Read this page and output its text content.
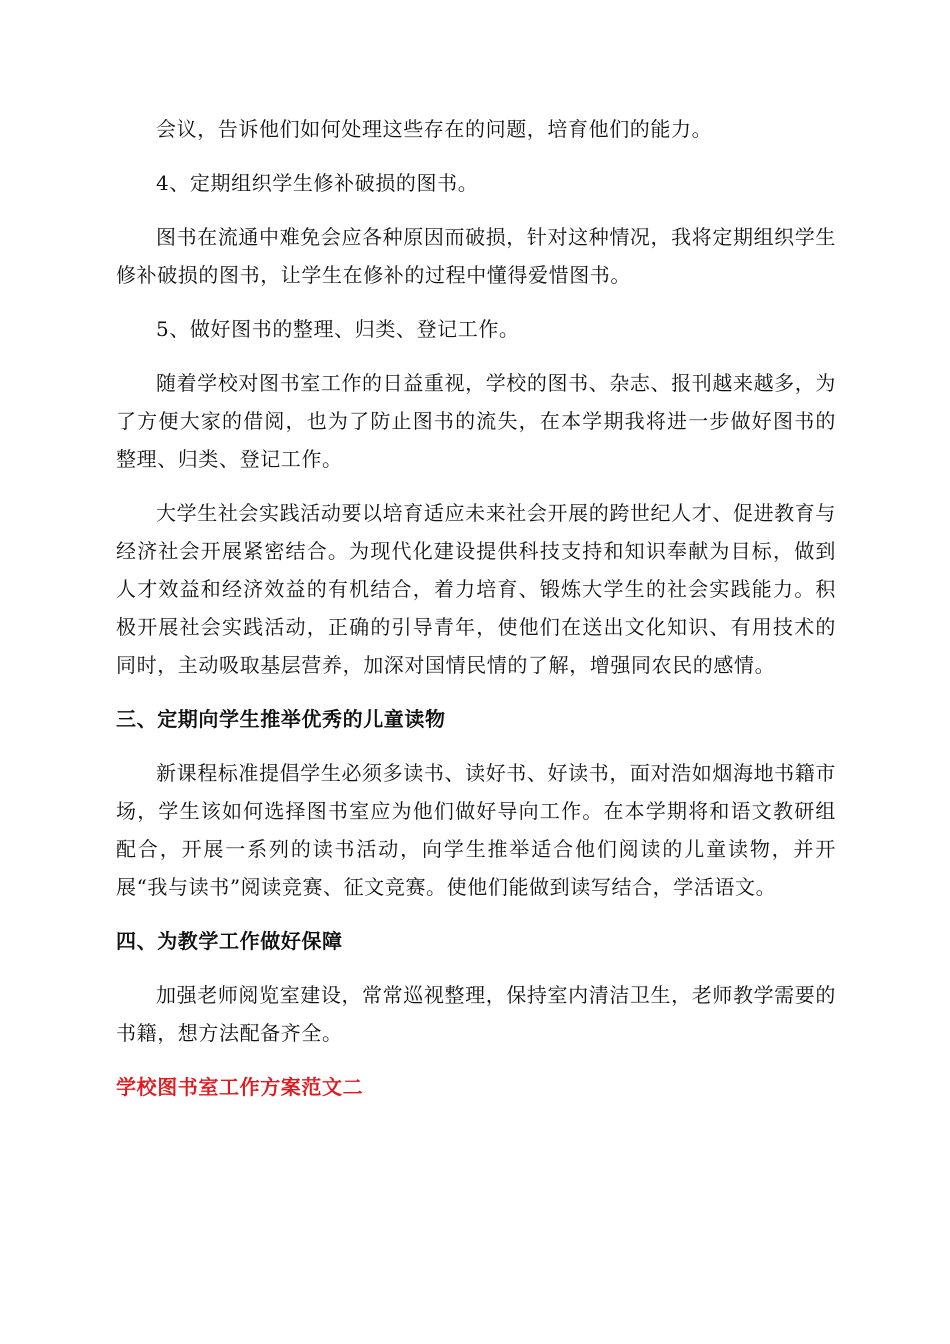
会议，告诉他们如何处理这些存在的问题，培育他们的能力。

4、定期组织学生修补破损的图书。

图书在流通中难免会应各种原因而破损，针对这种情况，我将定期组织学生修补破损的图书，让学生在修补的过程中懂得爱惜图书。

5、做好图书的整理、归类、登记工作。

随着学校对图书室工作的日益重视，学校的图书、杂志、报刊越来越多，为了方便大家的借阅，也为了防止图书的流失，在本学期我将进一步做好图书的整理、归类、登记工作。

大学生社会实践活动要以培育适应未来社会开展的跨世纪人才、促进教育与经济社会开展紧密结合。为现代化建设提供科技支持和知识奉献为目标，做到人才效益和经济效益的有机结合，着力培育、锻炼大学生的社会实践能力。积极开展社会实践活动，正确的引导青年，使他们在送出文化知识、有用技术的同时，主动吸取基层营养，加深对国情民情的了解，增强同农民的感情。

三、定期向学生推举优秀的儿童读物

新课程标准提倡学生必须多读书、读好书、好读书，面对浩如烟海地书籍市场，学生该如何选择图书室应为他们做好导向工作。在本学期将和语文教研组配合，开展一系列的读书活动，向学生推举适合他们阅读的儿童读物，并开展“我与读书”阅读竞赛、征文竞赛。使他们能做到读写结合，学活语文。

四、为教学工作做好保障

加强老师阅览室建设，常常巡视整理，保持室内清洁卫生，老师教学需要的书籍，想方法配备齐全。

学校图书室工作方案范文二
